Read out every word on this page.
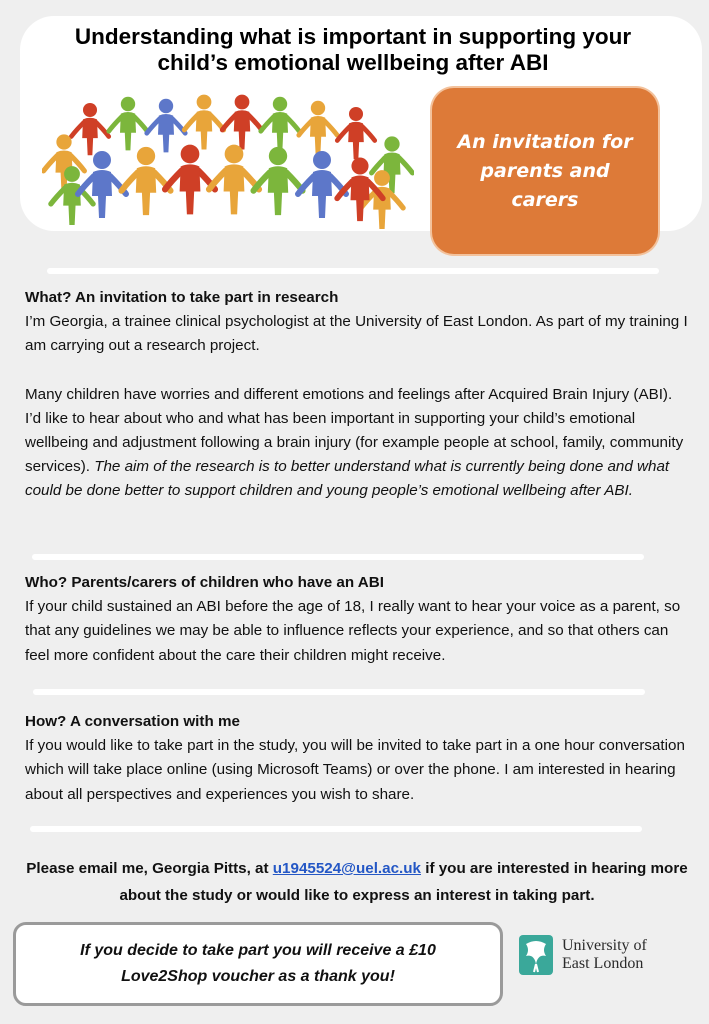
Understanding what is important in supporting your
child’s emotional wellbeing after ABI
An invitation for
parents and
carers
What? An invitation to take part in research

I’m Georgia, a trainee clinical psychologist at the University of East London. As part of my training I am carrying out a research project.

Many children have worries and different emotions and feelings after Acquired Brain Injury (ABI). I’d like to hear about who and what has been important in supporting your child’s emotional wellbeing and adjustment following a brain injury (for example people at school, family, community services). The aim of the research is to better understand what is currently being done and what could be done better to support children and young people’s emotional wellbeing after ABI.

Who? Parents/carers of children who have an ABI

If your child sustained an ABI before the age of 18, I really want to hear your voice as a parent, so that any guidelines we may be able to influence reflects your experience, and so that others can feel more confident about the care their children might receive.

How? A conversation with me

If you would like to take part in the study, you will be invited to take part in a one hour conversation which will take place online (using Microsoft Teams) or over the phone. I am interested in hearing about all perspectives and experiences you wish to share.

Please email me, Georgia Pitts, at u1945524@uel.ac.uk if you are interested in hearing more about the study or would like to express an interest in taking part.
If you decide to take part you will receive a £10
Love2Shop voucher as a thank you!
University of
East London
